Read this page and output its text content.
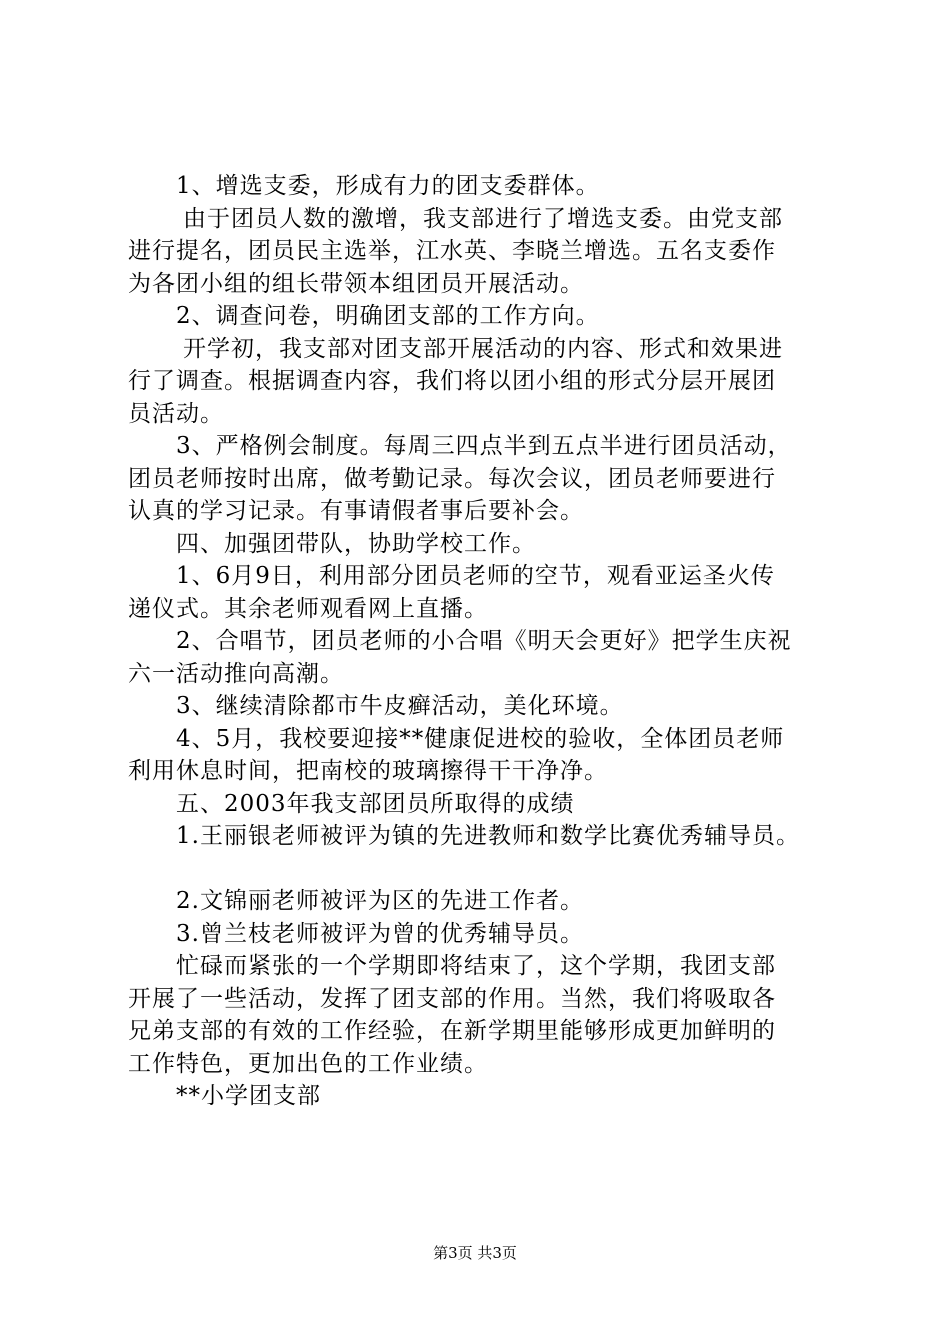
1、增选支委，形成有力的团支委群体。
由于团员人数的激增，我支部进行了增选支委。由党支部
进行提名，团员民主选举，江水英、李晓兰增选。五名支委作
为各团小组的组长带领本组团员开展活动。
2、调查问卷，明确团支部的工作方向。
开学初，我支部对团支部开展活动的内容、形式和效果进
行了调查。根据调查内容，我们将以团小组的形式分层开展团
员活动。
3、严格例会制度。每周三四点半到五点半进行团员活动，
团员老师按时出席，做考勤记录。每次会议，团员老师要进行
认真的学习记录。有事请假者事后要补会。
四、加强团带队，协助学校工作。
1、6月9日，利用部分团员老师的空节，观看亚运圣火传
递仪式。其余老师观看网上直播。
2、合唱节，团员老师的小合唱《明天会更好》把学生庆祝
六一活动推向高潮。
3、继续清除都市牛皮癣活动，美化环境。
4、5月，我校要迎接**健康促进校的验收，全体团员老师
利用休息时间，把南校的玻璃擦得干干净净。
五、2003年我支部团员所取得的成绩
1.王丽银老师被评为镇的先进教师和数学比赛优秀辅导员。
2.文锦丽老师被评为区的先进工作者。
3.曾兰枝老师被评为曾的优秀辅导员。
忙碌而紧张的一个学期即将结束了，这个学期，我团支部
开展了一些活动，发挥了团支部的作用。当然，我们将吸取各
兄弟支部的有效的工作经验，在新学期里能够形成更加鲜明的
工作特色，更加出色的工作业绩。
**小学团支部
第3页 共3页
